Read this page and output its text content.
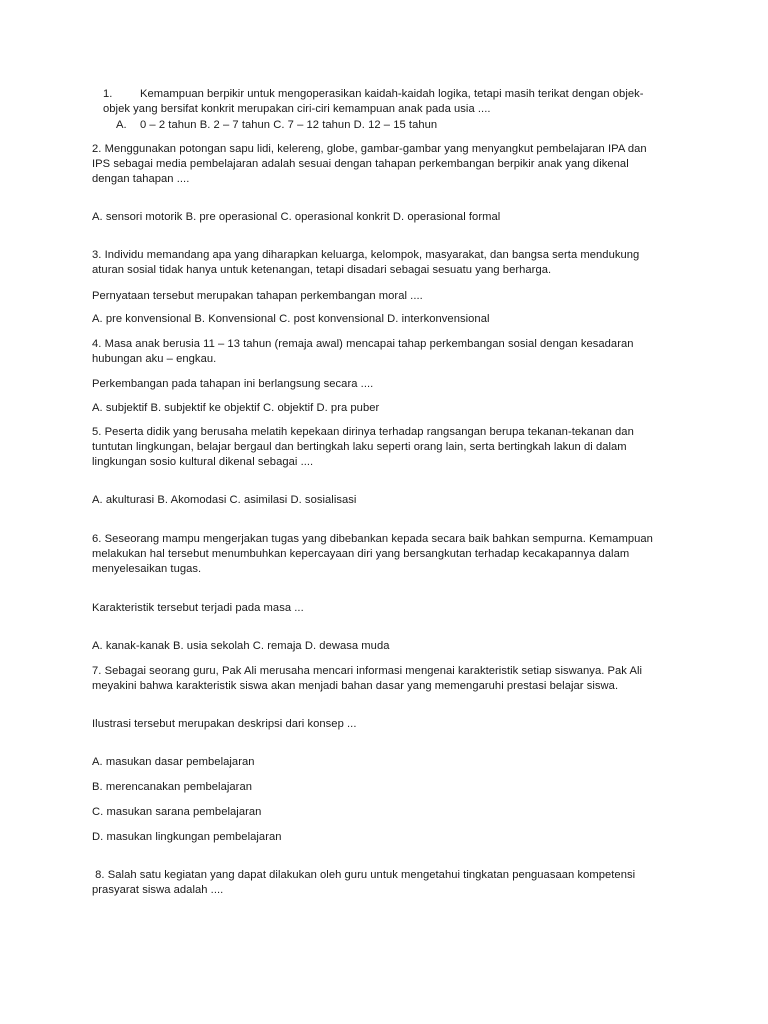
1. Kemampuan berpikir untuk mengoperasikan kaidah-kaidah logika, tetapi masih terikat dengan objek-
objek yang bersifat konkrit merupakan ciri-ciri kemampuan anak pada usia ....
A. 0 – 2 tahun B. 2 – 7 tahun C. 7 – 12 tahun D. 12 – 15 tahun
2. Menggunakan potongan sapu lidi, kelereng, globe, gambar-gambar yang menyangkut pembelajaran IPA dan
IPS sebagai media pembelajaran adalah sesuai dengan tahapan perkembangan berpikir anak yang dikenal
dengan tahapan ....
A. sensori motorik B. pre operasional C. operasional konkrit D. operasional formal
3. Individu memandang apa yang diharapkan keluarga, kelompok, masyarakat, dan bangsa serta mendukung
aturan sosial tidak hanya untuk ketenangan, tetapi disadari sebagai sesuatu yang berharga.
Pernyataan tersebut merupakan tahapan perkembangan moral ....
A. pre konvensional B. Konvensional C. post konvensional D. interkonvensional
4. Masa anak berusia 11 – 13 tahun (remaja awal) mencapai tahap perkembangan sosial dengan kesadaran
hubungan aku – engkau.
Perkembangan pada tahapan ini berlangsung secara ....
A. subjektif B. subjektif ke objektif C. objektif D. pra puber
5. Peserta didik yang berusaha melatih kepekaan dirinya terhadap rangsangan berupa tekanan-tekanan dan
tuntutan lingkungan, belajar bergaul dan bertingkah laku seperti orang lain, serta bertingkah lakun di dalam
lingkungan sosio kultural dikenal sebagai ....
A. akulturasi B. Akomodasi C. asimilasi D. sosialisasi
6. Seseorang mampu mengerjakan tugas yang dibebankan kepada secara baik bahkan sempurna. Kemampuan
melakukan hal tersebut menumbuhkan kepercayaan diri yang bersangkutan terhadap kecakapannya dalam
menyelesaikan tugas.
Karakteristik tersebut terjadi pada masa ...
A. kanak-kanak B. usia sekolah C. remaja D. dewasa muda
7. Sebagai seorang guru, Pak Ali merusaha mencari informasi mengenai karakteristik setiap siswanya. Pak Ali
meyakini bahwa karakteristik siswa akan menjadi bahan dasar yang memengaruhi prestasi belajar siswa.
Ilustrasi tersebut merupakan deskripsi dari konsep ...
A. masukan dasar pembelajaran
B. merencanakan pembelajaran
C. masukan sarana pembelajaran
D. masukan lingkungan pembelajaran
8. Salah satu kegiatan yang dapat dilakukan oleh guru untuk mengetahui tingkatan penguasaan kompetensi
prasyarat siswa adalah ....
